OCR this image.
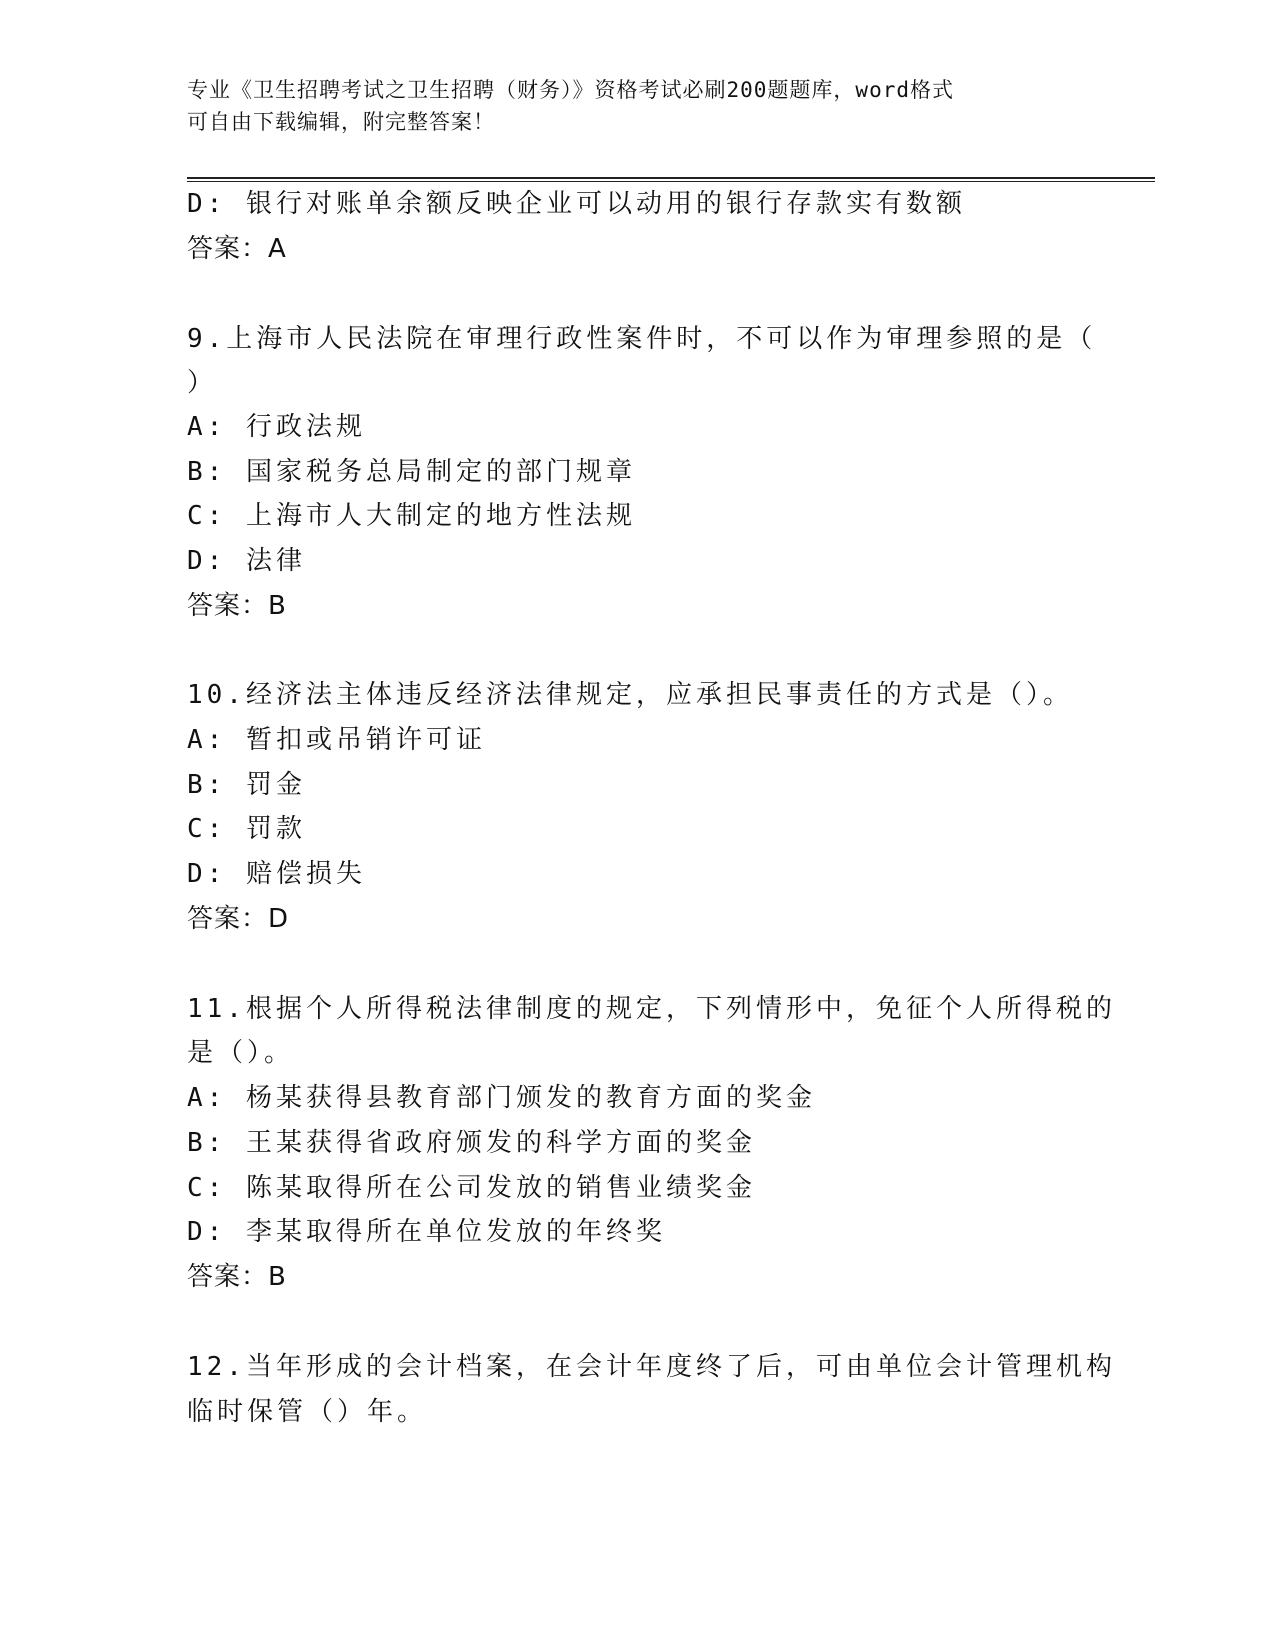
专业《卫生招聘考试之卫生招聘（财务）》资格考试必刷200题题库，word格式
可自由下载编辑，附完整答案！
D: 银行对账单余额反映企业可以动用的银行存款实有数额
答案：A
9.上海市人民法院在审理行政性案件时，不可以作为审理参照的是（
）
A: 行政法规
B: 国家税务总局制定的部门规章
C: 上海市人大制定的地方性法规
D: 法律
答案：B
10.经济法主体违反经济法律规定，应承担民事责任的方式是（）。
A: 暂扣或吊销许可证
B: 罚金
C: 罚款
D: 赔偿损失
答案：D
11.根据个人所得税法律制度的规定，下列情形中，免征个人所得税的
是（）。
A: 杨某获得县教育部门颁发的教育方面的奖金
B: 王某获得省政府颁发的科学方面的奖金
C: 陈某取得所在公司发放的销售业绩奖金
D: 李某取得所在单位发放的年终奖
答案：B
12.当年形成的会计档案，在会计年度终了后，可由单位会计管理机构
临时保管（）年。
